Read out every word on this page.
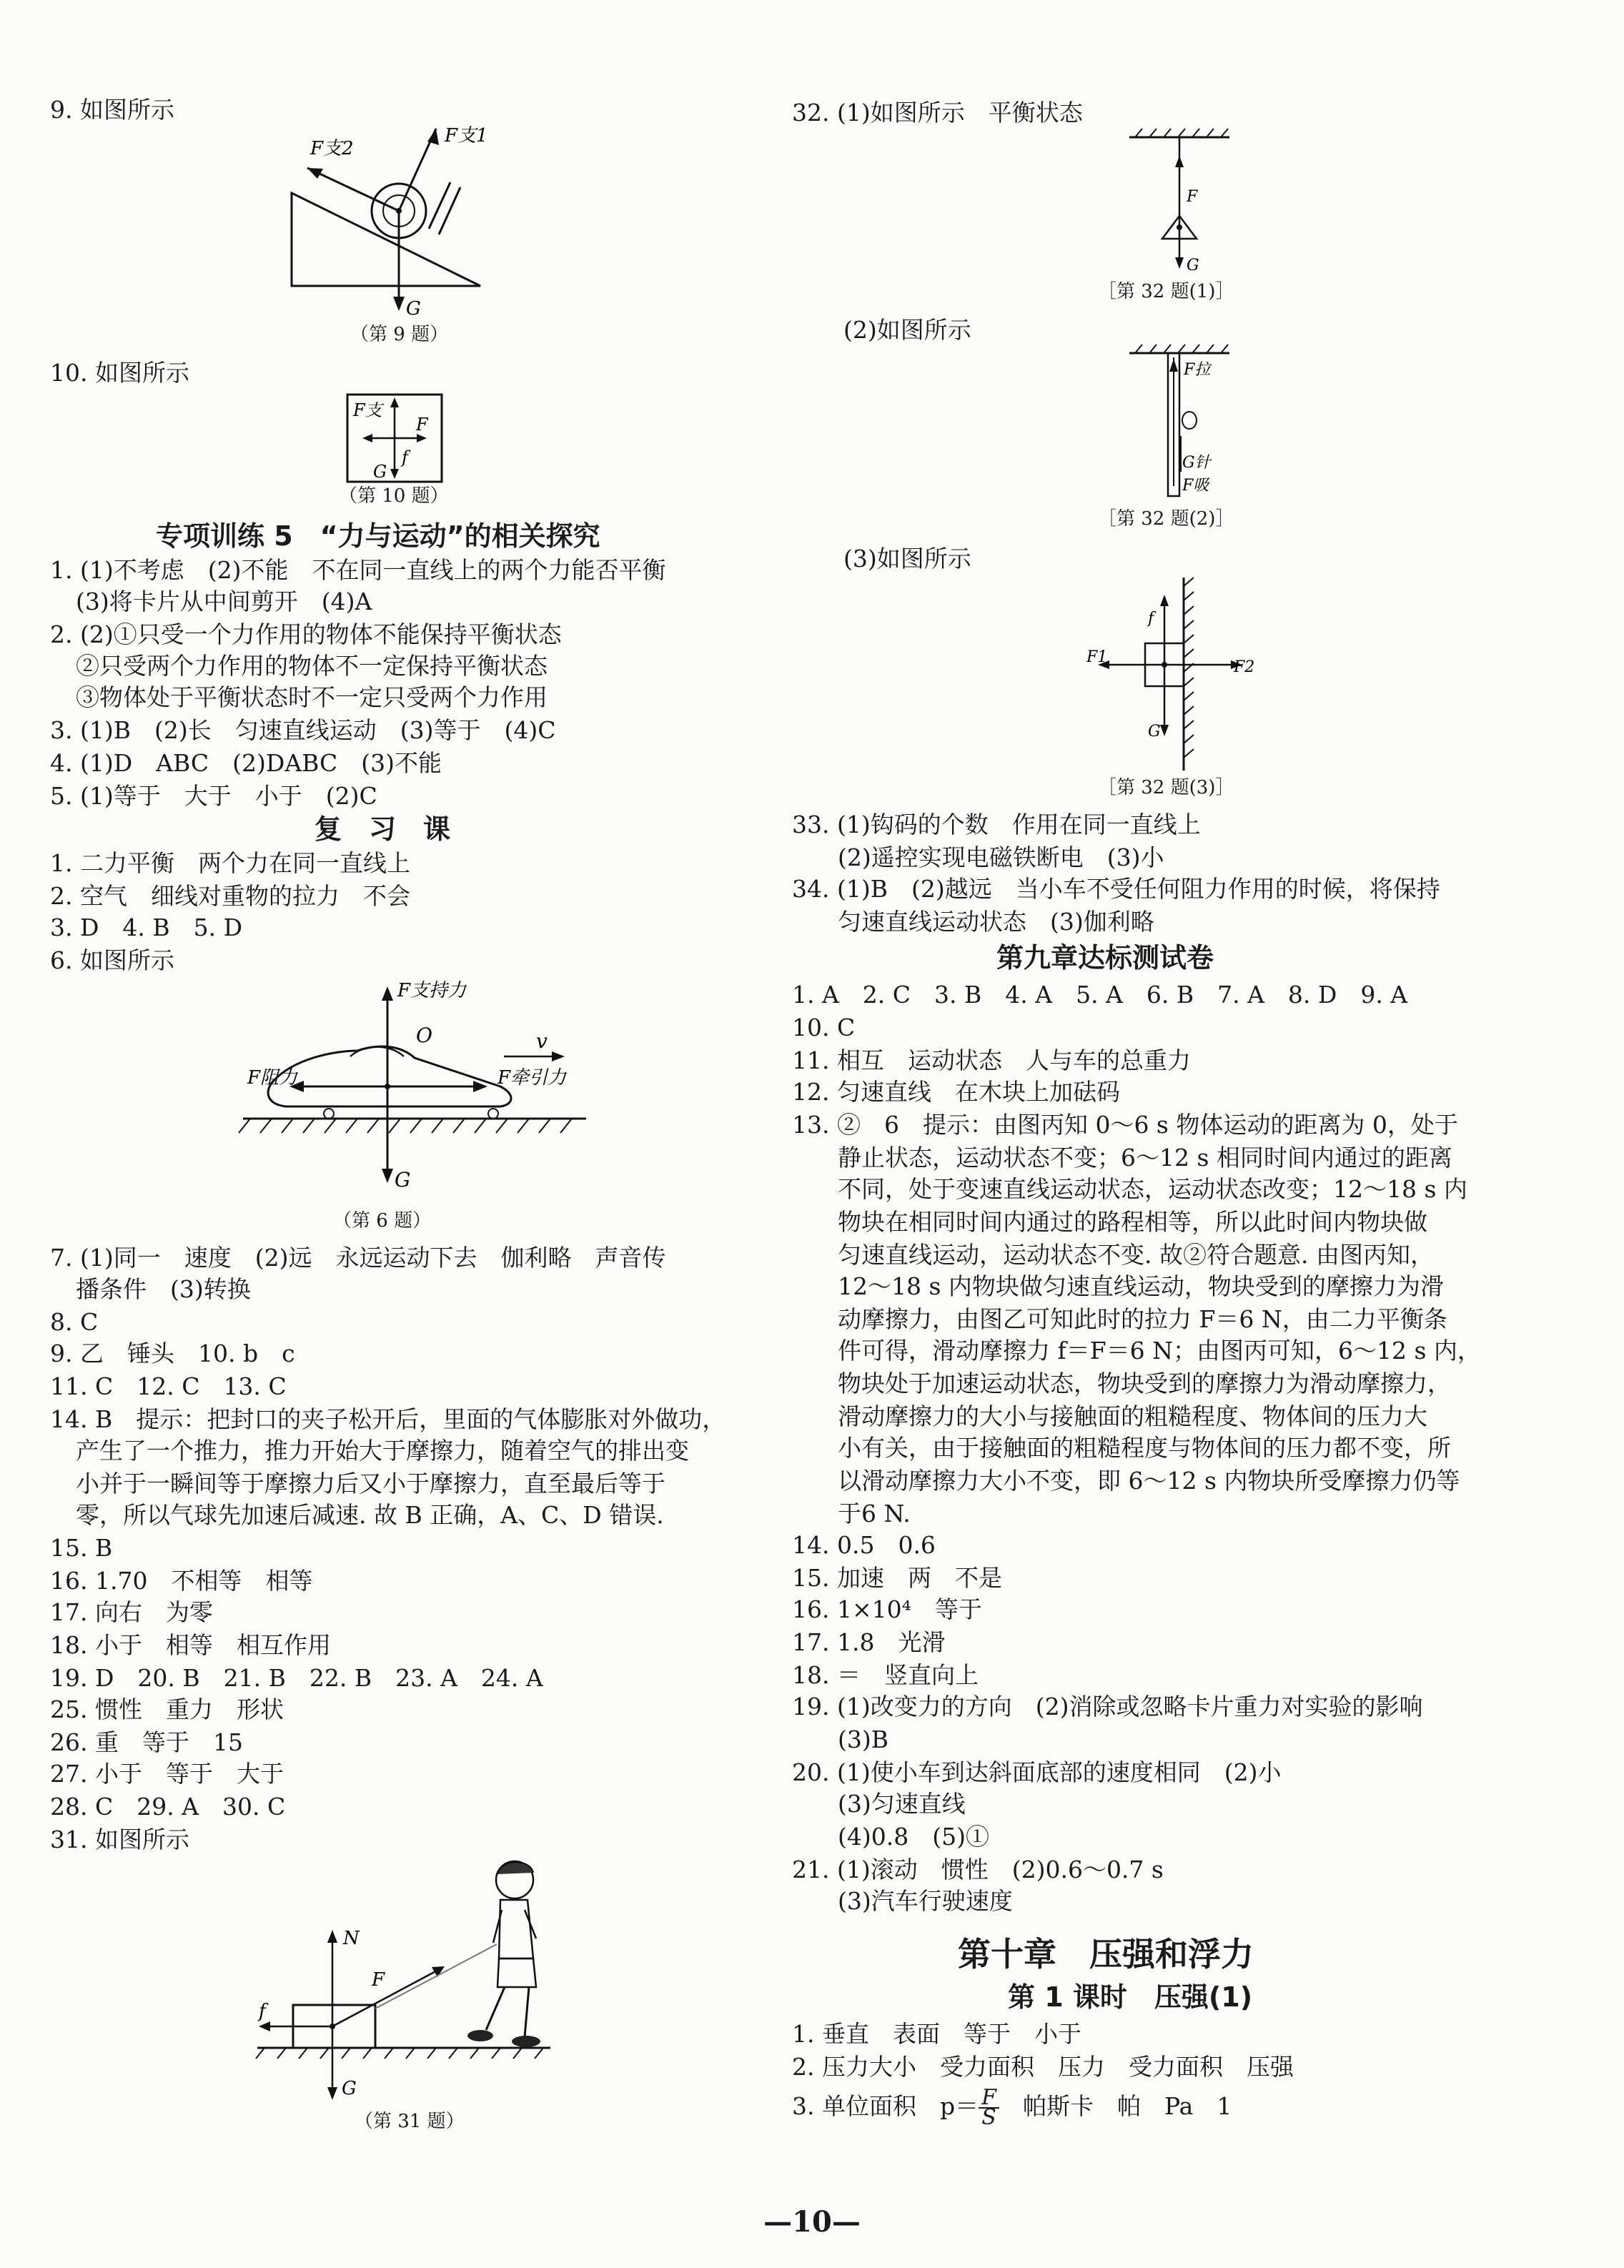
9. 如图所示
F支1
F支2
G
（第 9 题）
10. 如图所示
F支
F
G
f
（第 10 题）
专项训练 5　“力与运动”的相关探究
1. (1)不考虑　(2)不能　不在同一直线上的两个力能否平衡
(3)将卡片从中间剪开　(4)A
2. (2)①只受一个力作用的物体不能保持平衡状态
②只受两个力作用的物体不一定保持平衡状态
③物体处于平衡状态时不一定只受两个力作用
3. (1)B　(2)长　匀速直线运动　(3)等于　(4)C
4. (1)D　ABC　(2)DABC　(3)不能
5. (1)等于　大于　小于　(2)C
复　习　课
1. 二力平衡　两个力在同一直线上
2. 空气　细线对重物的拉力　不会
3. D　4. B　5. D
6. 如图所示
F支持力
O	v
F阻力	F牵引力
G
（第 6 题）
7. (1)同一　速度　(2)远　永远运动下去　伽利略　声音传
播条件　(3)转换
8. C
9. 乙　锤头　10. b　c
11. C　12. C　13. C
14. B　提示：把封口的夹子松开后，里面的气体膨胀对外做功，
产生了一个推力，推力开始大于摩擦力，随着空气的排出变
小并于一瞬间等于摩擦力后又小于摩擦力，直至最后等于
零，所以气球先加速后减速. 故 B 正确，A、C、D 错误.
15. B
16. 1.70　不相等　相等
17. 向右　为零
18. 小于　相等　相互作用
19. D　20. B　21. B　22. B　23. A　24. A
25. 惯性　重力　形状
26. 重　等于　15
27. 小于　等于　大于
28. C　29. A　30. C
31. 如图所示
N
F
f
G
（第 31 题）
32. (1)如图所示　平衡状态
F
G
［第 32 题(1)］
(2)如图所示
F拉
G针
F吸
［第 32 题(2)］
(3)如图所示
f
F1
F2
G
［第 32 题(3)］
33. (1)钩码的个数　作用在同一直线上
(2)遥控实现电磁铁断电　(3)小
34. (1)B　(2)越远　当小车不受任何阻力作用的时候，将保持
匀速直线运动状态　(3)伽利略
第九章达标测试卷
1. A　2. C　3. B　4. A　5. A　6. B　7. A　8. D　9. A
10. C
11. 相互　运动状态　人与车的总重力
12. 匀速直线　在木块上加砝码
13. ②　6　提示：由图丙知 0～6 s 物体运动的距离为 0，处于
静止状态，运动状态不变；6～12 s 相同时间内通过的距离
不同，处于变速直线运动状态，运动状态改变；12～18 s 内
物块在相同时间内通过的路程相等，所以此时间内物块做
匀速直线运动，运动状态不变. 故②符合题意. 由图丙知，
12～18 s 内物块做匀速直线运动，物块受到的摩擦力为滑
动摩擦力，由图乙可知此时的拉力 F＝6 N，由二力平衡条
件可得，滑动摩擦力 f＝F＝6 N；由图丙可知，6～12 s 内，
物块处于加速运动状态，物块受到的摩擦力为滑动摩擦力，
滑动摩擦力的大小与接触面的粗糙程度、物体间的压力大
小有关，由于接触面的粗糙程度与物体间的压力都不变，所
以滑动摩擦力大小不变，即 6～12 s 内物块所受摩擦力仍等
于6 N.
14. 0.5　0.6
15. 加速　两　不是
16. 1×10⁴　等于
17. 1.8　光滑
18. ＝　竖直向上
19. (1)改变力的方向　(2)消除或忽略卡片重力对实验的影响
(3)B
20. (1)使小车到达斜面底部的速度相同　(2)小
(3)匀速直线
(4)0.8　(5)①
21. (1)滚动　惯性　(2)0.6～0.7 s
(3)汽车行驶速度
第十章　压强和浮力
第 1 课时　压强(1)
1. 垂直　表面　等于　小于
2. 压力大小　受力面积　压力　受力面积　压强
3. 单位面积　$p= \frac{F}{S}$ 　帕斯卡　帕　Pa　1
—10—
